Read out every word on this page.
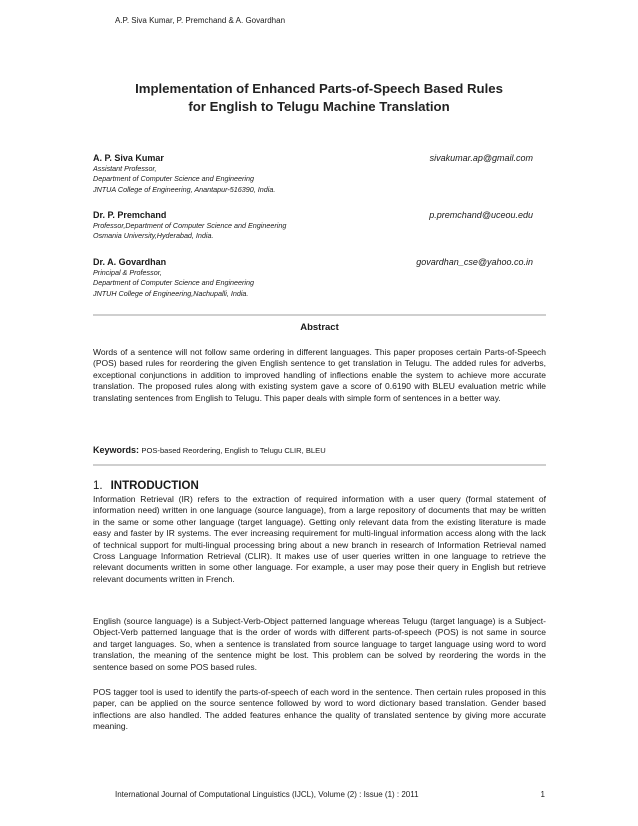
A.P. Siva Kumar, P. Premchand & A. Govardhan
Implementation of Enhanced Parts-of-Speech Based Rules
for English to Telugu Machine Translation
A. P. Siva Kumar	sivakumar.ap@gmail.com
Assistant Professor,
Department of Computer Science and Engineering
JNTUA College of Engineering, Anantapur-516390, India.
Dr. P. Premchand	p.premchand@uceou.edu
Professor,Department of Computer Science and Engineering
Osmania University,Hyderabad, India.
Dr. A. Govardhan	govardhan_cse@yahoo.co.in
Principal & Professor,
Department of Computer Science and Engineering
JNTUH College of Engineering,Nachupalli, India.
Abstract

Words of a sentence will not follow same ordering in different languages. This paper proposes certain Parts-of-Speech (POS) based rules for reordering the given English sentence to get translation in Telugu. The added rules for adverbs, exceptional conjunctions in addition to improved handling of inflections enable the system to achieve more accurate translation. The proposed rules along with existing system gave a score of 0.6190 with BLEU evaluation metric while translating sentences from English to Telugu. This paper deals with simple form of sentences in a better way.

Keywords: POS-based Reordering, English to Telugu CLIR, BLEU
1. INTRODUCTION

Information Retrieval (IR) refers to the extraction of required information with a user query (formal statement of information need) written in one language (source language), from a large repository of documents that may be written in the same or some other language (target language). Getting only relevant data from the existing literature is made easy and faster by IR systems. The ever increasing requirement for multi-lingual information access along with the lack of technical support for multi-lingual processing bring about a new branch in research of Information Retrieval named Cross Language Information Retrieval (CLIR). It makes use of user queries written in one language to retrieve the relevant documents written in some other language. For example, a user may pose their query in English but retrieve relevant documents written in French.

English (source language) is a Subject-Verb-Object patterned language whereas Telugu (target language) is a Subject-Object-Verb patterned language that is the order of words with different parts-of-speech (POS) is not same in source and target languages. So, when a sentence is translated from source language to target language using word to word translation, the meaning of the sentence might be lost. This problem can be solved by reordering the words in the sentence based on some POS based rules.

POS tagger tool is used to identify the parts-of-speech of each word in the sentence. Then certain rules proposed in this paper, can be applied on the source sentence followed by word to word dictionary based translation. Gender based inflections are also handled. The added features enhance the quality of translated sentence by giving more accurate meaning.

International Journal of Computational Linguistics (IJCL), Volume (2) : Issue (1) : 2011	1
